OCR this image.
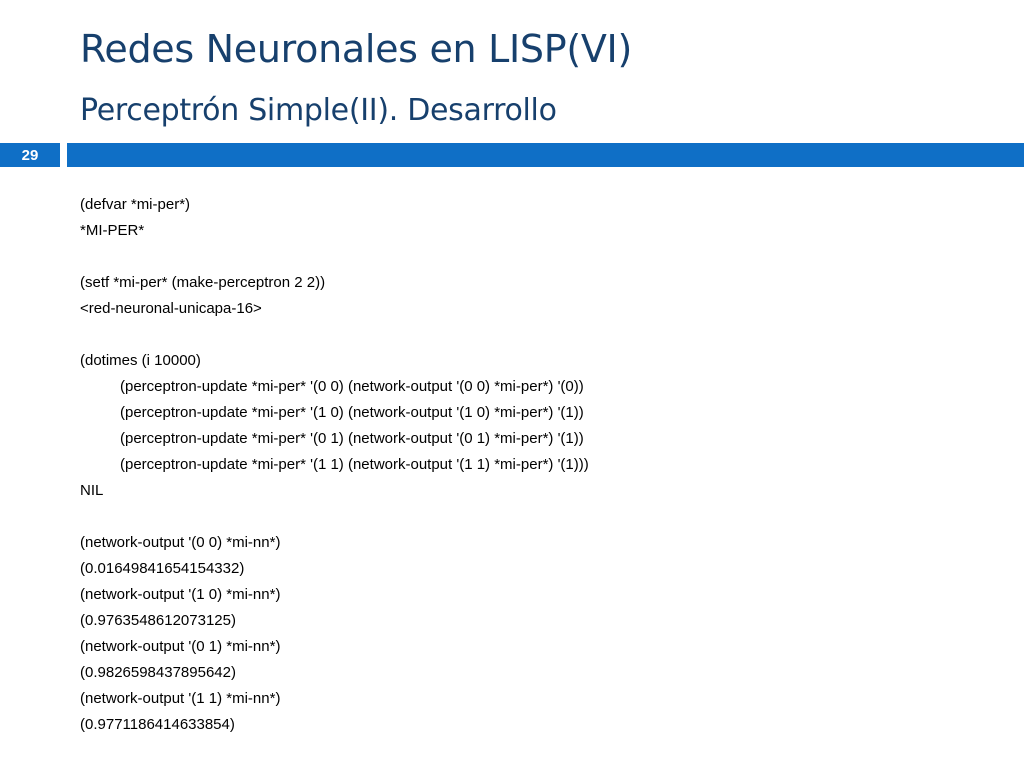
Redes Neuronales en LISP(VI)
Perceptrón Simple(II). Desarrollo
29
(defvar *mi-per*)
*MI-PER*
(setf *mi-per* (make-perceptron 2 2))
<red-neuronal-unicapa-16>
(dotimes (i 10000)
(perceptron-update *mi-per* '(0 0) (network-output '(0 0) *mi-per*) '(0))
(perceptron-update *mi-per* '(1 0) (network-output '(1 0) *mi-per*) '(1))
(perceptron-update *mi-per* '(0 1) (network-output '(0 1) *mi-per*) '(1))
(perceptron-update *mi-per* '(1 1) (network-output '(1 1) *mi-per*) '(1)))
NIL
(network-output '(0 0) *mi-nn*)
(0.01649841654154332)
(network-output '(1 0) *mi-nn*)
(0.9763548612073125)
(network-output '(0 1) *mi-nn*)
(0.9826598437895642)
(network-output '(1 1) *mi-nn*)
(0.9771186414633854)
